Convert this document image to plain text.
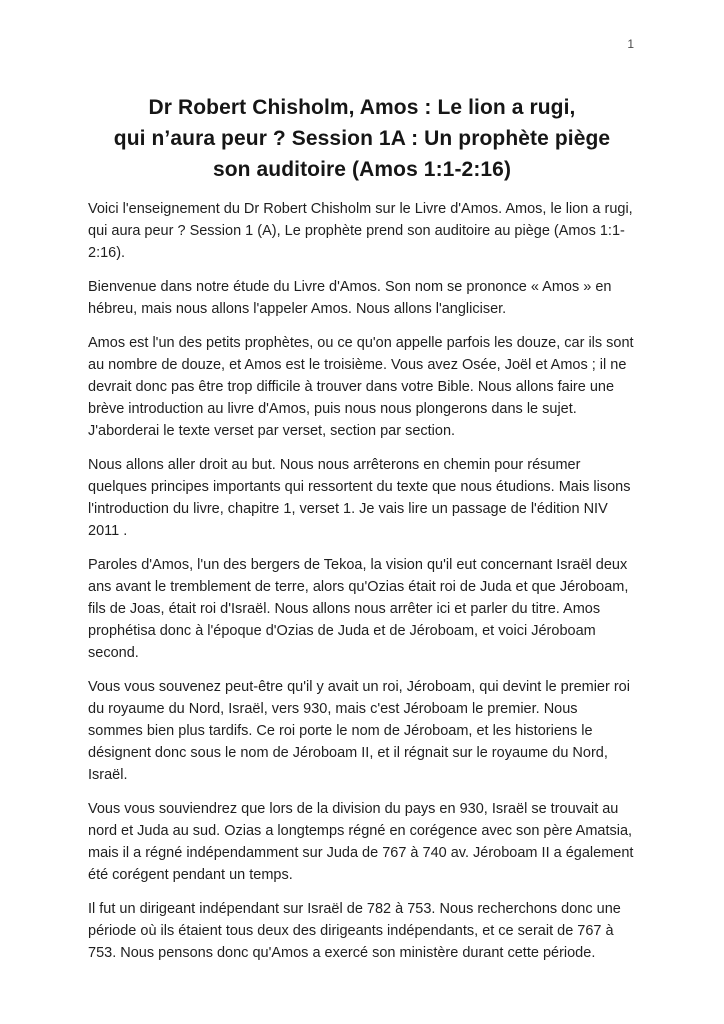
1
Dr Robert Chisholm, Amos : Le lion a rugi,
qui n’aura peur ? Session 1A : Un prophète piège
son auditoire (Amos 1:1-2:16)

Voici l'enseignement du Dr Robert Chisholm sur le Livre d'Amos. Amos, le lion a rugi, qui aura peur ? Session 1 (A), Le prophète prend son auditoire au piège (Amos 1:1-2:16).

Bienvenue dans notre étude du Livre d'Amos. Son nom se prononce « Amos » en hébreu, mais nous allons l'appeler Amos. Nous allons l'angliciser.

Amos est l'un des petits prophètes, ou ce qu'on appelle parfois les douze, car ils sont au nombre de douze, et Amos est le troisième. Vous avez Osée, Joël et Amos ; il ne devrait donc pas être trop difficile à trouver dans votre Bible. Nous allons faire une brève introduction au livre d'Amos, puis nous nous plongerons dans le sujet. J'aborderai le texte verset par verset, section par section.

Nous allons aller droit au but. Nous nous arrêterons en chemin pour résumer quelques principes importants qui ressortent du texte que nous étudions. Mais lisons l'introduction du livre, chapitre 1, verset 1. Je vais lire un passage de l'édition NIV 2011 .

Paroles d'Amos, l'un des bergers de Tekoa, la vision qu'il eut concernant Israël deux ans avant le tremblement de terre, alors qu'Ozias était roi de Juda et que Jéroboam, fils de Joas, était roi d'Israël. Nous allons nous arrêter ici et parler du titre. Amos prophétisa donc à l'époque d'Ozias de Juda et de Jéroboam, et voici Jéroboam second.

Vous vous souvenez peut-être qu'il y avait un roi, Jéroboam, qui devint le premier roi du royaume du Nord, Israël, vers 930, mais c'est Jéroboam le premier. Nous sommes bien plus tardifs. Ce roi porte le nom de Jéroboam, et les historiens le désignent donc sous le nom de Jéroboam II, et il régnait sur le royaume du Nord, Israël.

Vous vous souviendrez que lors de la division du pays en 930, Israël se trouvait au nord et Juda au sud. Ozias a longtemps régné en corégence avec son père Amatsia, mais il a régné indépendamment sur Juda de 767 à 740 av. Jéroboam II a également été corégent pendant un temps.

Il fut un dirigeant indépendant sur Israël de 782 à 753. Nous recherchons donc une période où ils étaient tous deux des dirigeants indépendants, et ce serait de 767 à 753. Nous pensons donc qu'Amos a exercé son ministère durant cette période.
